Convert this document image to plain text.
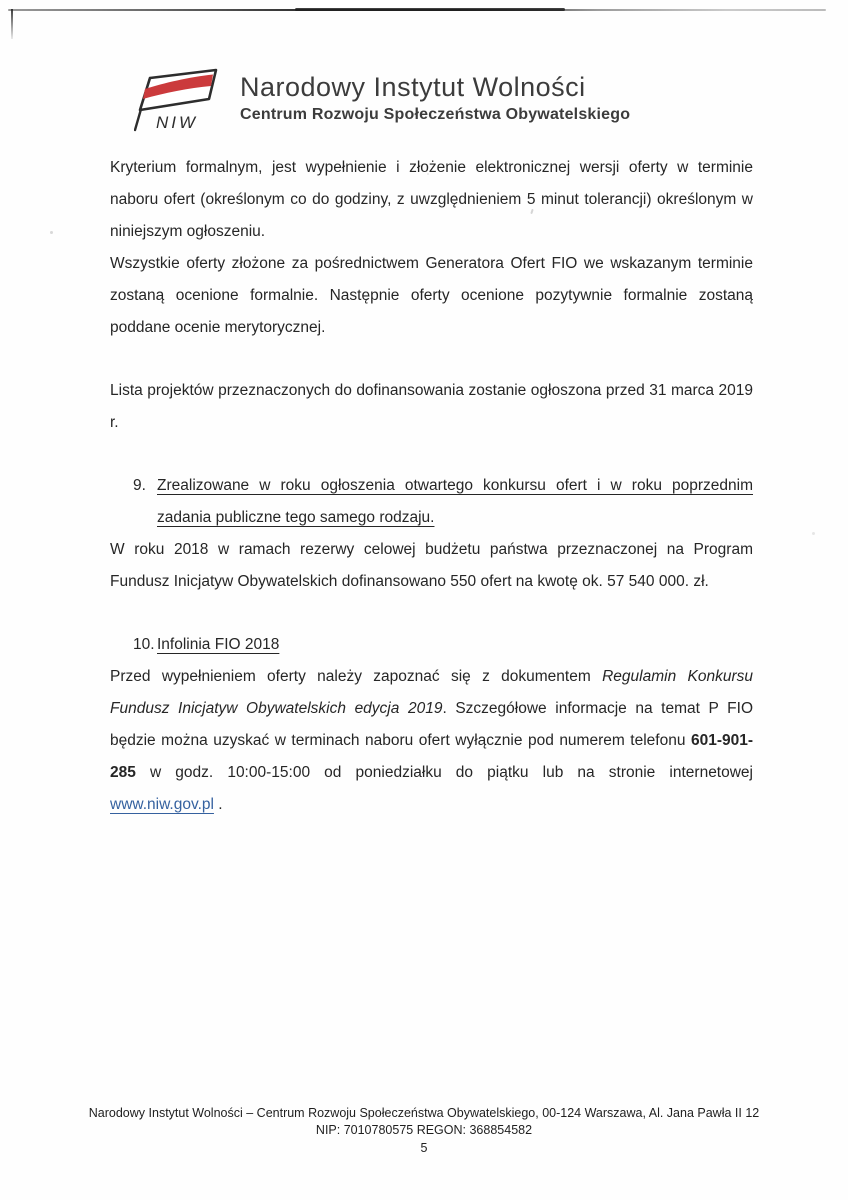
NIW
Narodowy Instytut Wolności
Centrum Rozwoju Społeczeństwa Obywatelskiego

Kryterium formalnym, jest wypełnienie i złożenie elektronicznej wersji oferty w terminie naboru ofert (określonym co do godziny, z uwzględnieniem 5 minut tolerancji) określonym w niniejszym ogłoszeniu.

Wszystkie oferty złożone za pośrednictwem Generatora Ofert FIO we wskazanym terminie zostaną ocenione formalnie. Następnie oferty ocenione pozytywnie formalnie zostaną poddane ocenie merytorycznej.

Lista projektów przeznaczonych do dofinansowania zostanie ogłoszona przed 31 marca 2019 r.

9. Zrealizowane w roku ogłoszenia otwartego konkursu ofert i w roku poprzednim zadania publiczne tego samego rodzaju.

W roku 2018 w ramach rezerwy celowej budżetu państwa przeznaczonej na Program Fundusz Inicjatyw Obywatelskich dofinansowano 550 ofert na kwotę ok. 57 540 000. zł.

10. Infolinia FIO 2018

Przed wypełnieniem oferty należy zapoznać się z dokumentem Regulamin Konkursu Fundusz Inicjatyw Obywatelskich edycja 2019. Szczegółowe informacje na temat P FIO będzie można uzyskać w terminach naboru ofert wyłącznie pod numerem telefonu 601-901-285 w godz. 10:00-15:00 od poniedziałku do piątku lub na stronie internetowej www.niw.gov.pl .

Narodowy Instytut Wolności – Centrum Rozwoju Społeczeństwa Obywatelskiego, 00-124 Warszawa, Al. Jana Pawła II 12
NIP: 7010780575 REGON: 368854582
5
